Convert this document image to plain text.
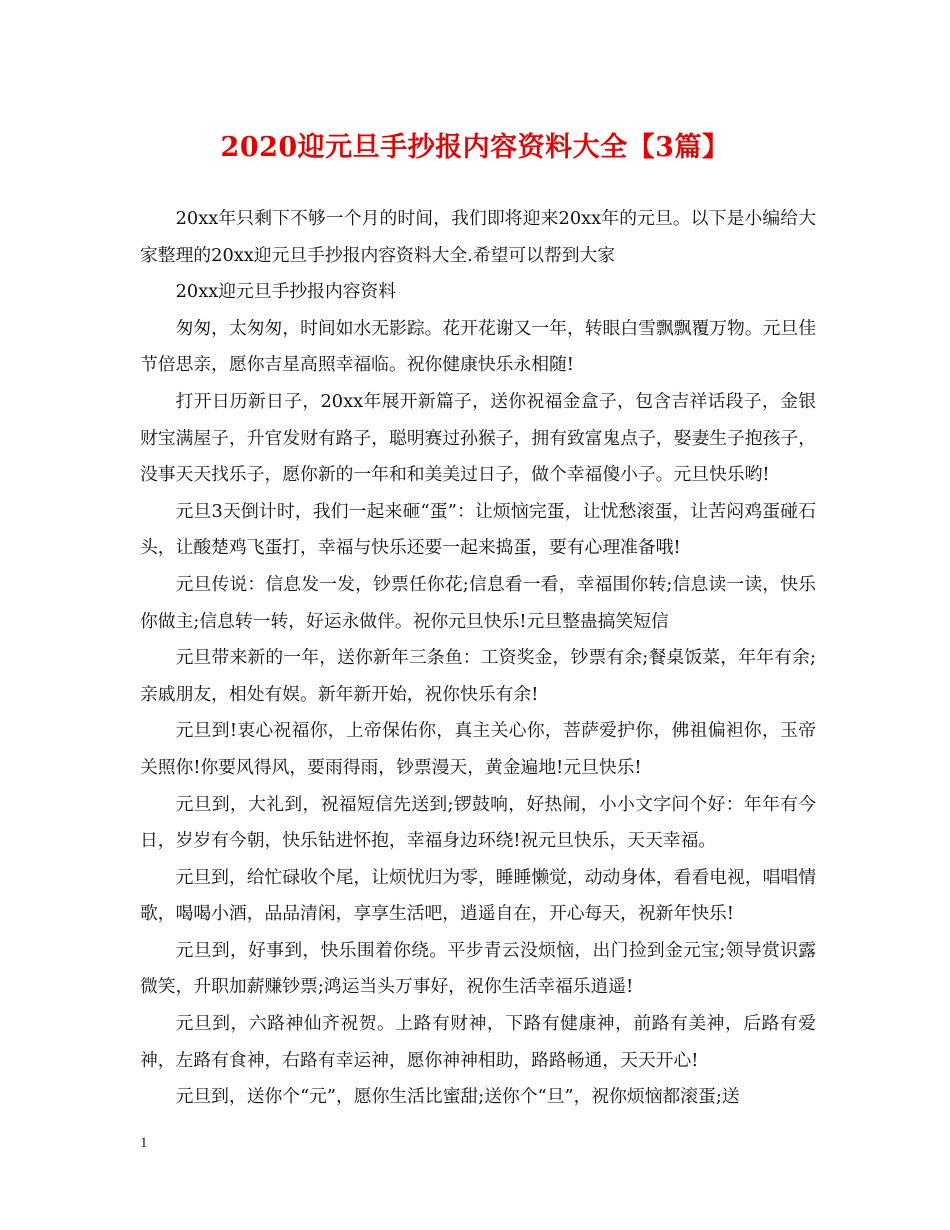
2020迎元旦手抄报内容资料大全【3篇】

20xx年只剩下不够一个月的时间，我们即将迎来20xx年的元旦。以下是小编给大家整理的20xx迎元旦手抄报内容资料大全.希望可以帮到大家

20xx迎元旦手抄报内容资料

匆匆，太匆匆，时间如水无影踪。花开花谢又一年，转眼白雪飘飘覆万物。元旦佳节倍思亲，愿你吉星高照幸福临。祝你健康快乐永相随!

打开日历新日子，20xx年展开新篇子，送你祝福金盒子，包含吉祥话段子，金银财宝满屋子，升官发财有路子，聪明赛过孙猴子，拥有致富鬼点子，娶妻生子抱孩子，没事天天找乐子，愿你新的一年和和美美过日子，做个幸福傻小子。元旦快乐哟!

元旦3天倒计时，我们一起来砸“蛋”：让烦恼完蛋，让忧愁滚蛋，让苦闷鸡蛋碰石头，让酸楚鸡飞蛋打，幸福与快乐还要一起来捣蛋，要有心理准备哦!

元旦传说：信息发一发，钞票任你花;信息看一看，幸福围你转;信息读一读，快乐你做主;信息转一转，好运永做伴。祝你元旦快乐!元旦整蛊搞笑短信

元旦带来新的一年，送你新年三条鱼：工资奖金，钞票有余;餐桌饭菜，年年有余;亲戚朋友，相处有娱。新年新开始，祝你快乐有余!

元旦到!衷心祝福你，上帝保佑你，真主关心你，菩萨爱护你，佛祖偏袒你，玉帝关照你!你要风得风，要雨得雨，钞票漫天，黄金遍地!元旦快乐!

元旦到，大礼到，祝福短信先送到;锣鼓响，好热闹，小小文字问个好：年年有今日，岁岁有今朝，快乐钻进怀抱，幸福身边环绕!祝元旦快乐，天天幸福。

元旦到，给忙碌收个尾，让烦忧归为零，睡睡懒觉，动动身体，看看电视，唱唱情歌，喝喝小酒，品品清闲，享享生活吧，逍遥自在，开心每天，祝新年快乐!

元旦到，好事到，快乐围着你绕。平步青云没烦恼，出门捡到金元宝;领导赏识露微笑，升职加薪赚钞票;鸿运当头万事好，祝你生活幸福乐逍遥!

元旦到，六路神仙齐祝贺。上路有财神，下路有健康神，前路有美神，后路有爱神，左路有食神，右路有幸运神，愿你神神相助，路路畅通，天天开心!

元旦到，送你个“元”，愿你生活比蜜甜;送你个“旦”，祝你烦恼都滚蛋;送

1
